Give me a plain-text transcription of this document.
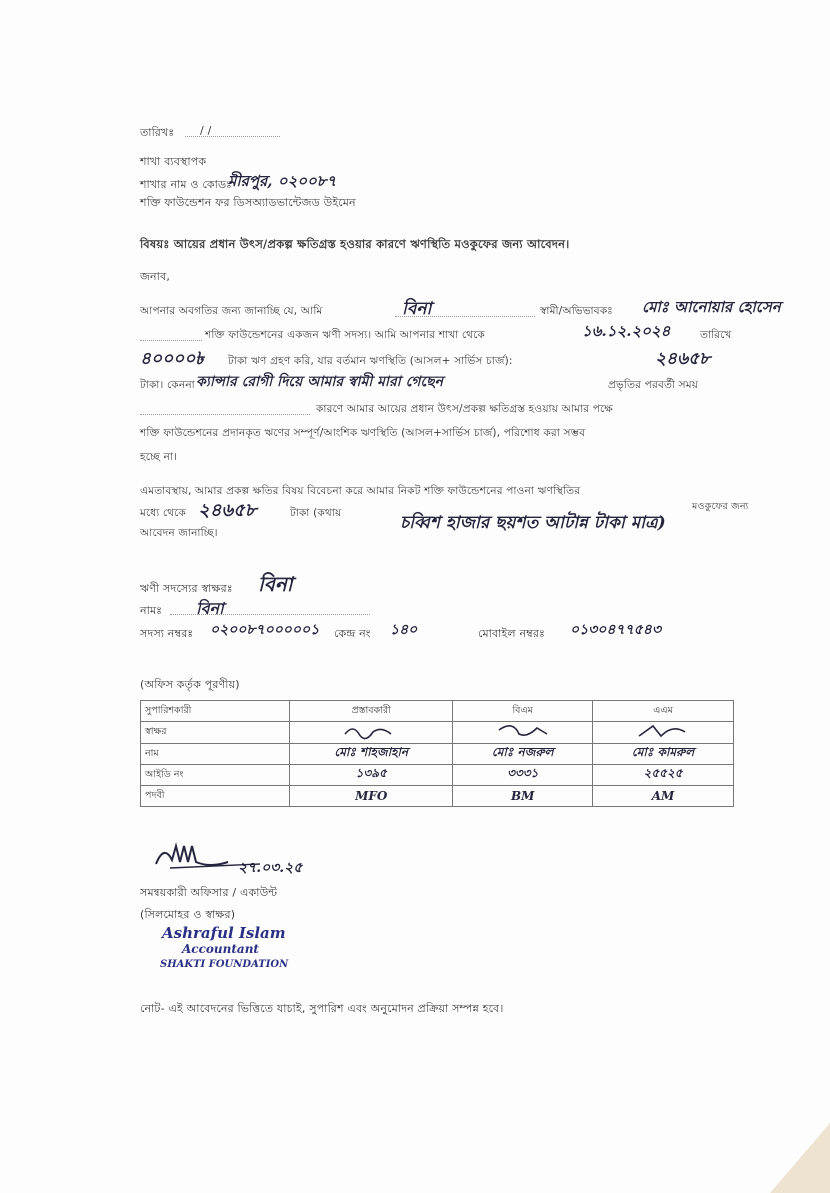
তারিখঃ / /
শাখা ব্যবস্থাপক
শাখার নাম ও কোডঃ
মীরপুর, ০২০০৮৭
শক্তি ফাউন্ডেশন ফর ডিসঅ্যাডভান্টেজড উইমেন
বিষয়ঃ আয়ের প্রধান উৎস/প্রকল্প ক্ষতিগ্রস্ত হওয়ার কারণে ঋণস্থিতি মওকুফের জন্য আবেদন।
জনাব,
আপনার অবগতির জন্য জানাচ্ছি যে, আমি	বিনা	স্বামী/অভিভাবকঃ মোঃ আনোয়ার হোসেন
শক্তি ফাউন্ডেশনের একজন ঋণী সদস্য। আমি আপনার শাখা থেকে	১৬.১২.২০২৪	তারিখে
৪০০০০৳ টাকা ঋণ গ্রহণ করি, যার বর্তমান ঋণস্থিতি (আসল+ সার্ভিস চার্জ):	২৪৬৫৮
টাকা। কেননা ক্যান্সার রোগী দিয়ে আমার স্বামী মারা গেছেন	প্রভৃতির পরবর্তী সময়
কারণে আমার আয়ের প্রধান উৎস/প্রকল্প ক্ষতিগ্রস্ত হওয়ায় আমার পক্ষে
শক্তি ফাউন্ডেশনের প্রদানকৃত ঋণের সম্পূর্ণ/আংশিক ঋণস্থিতি (আসল+সার্ভিস চার্জ), পরিশোধ করা সম্ভব
হচ্ছে না।
এমতাবস্থায়, আমার প্রকল্প ক্ষতির বিষয় বিবেচনা করে আমার নিকট শক্তি ফাউন্ডেশনের পাওনা ঋণস্থিতির
মধ্যে থেকে ২৪৬৫৮	টাকা (কথায়
মওকুফের জন্য
চব্বিশ হাজার ছয়শত আটান্ন টাকা মাত্র)
আবেদন জানাচ্ছি।
ঋণী সদস্যের স্বাক্ষরঃ বিনা
নামঃ বিনা
সদস্য নম্বরঃ ০২০০৮৭০০০০০১ কেন্দ্র নং ১৪০	মোবাইল নম্বরঃ ০১৩০৪৭৭৫৪৩
(অফিস কর্তৃক পূরণীয়)
সুপারিশকারী	প্রস্তাবকারী	বিএম	এএম
স্বাক্ষর			
নাম	মোঃ শাহজাহান	মোঃ নজরুল	মোঃ কামরুল
আইডি নং	১৩৯৫	৩৩৩১	২৫৫২৫
পদবী	MFO	BM	AM
২৭.০৩.২৫
সমন্বয়কারী অফিসার / একাউন্ট
(সিলমোহর ও স্বাক্ষর)
Ashraful Islam
Accountant
SHAKTI FOUNDATION
নোট- এই আবেদনের ভিত্তিতে যাচাই, সুপারিশ এবং অনুমোদন প্রক্রিয়া সম্পন্ন হবে।
